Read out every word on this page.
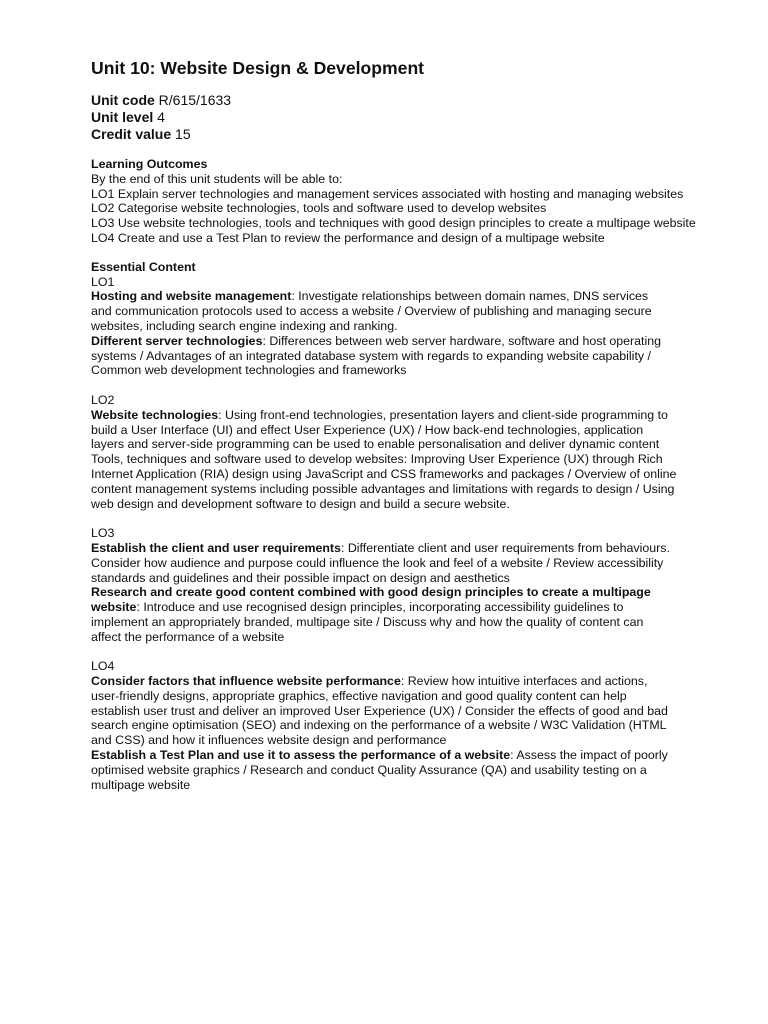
Unit 10: Website Design & Development
Unit code R/615/1633
Unit level 4
Credit value 15
Learning Outcomes
By the end of this unit students will be able to:
LO1 Explain server technologies and management services associated with hosting and managing websites
LO2 Categorise website technologies, tools and software used to develop websites
LO3 Use website technologies, tools and techniques with good design principles to create a multipage website
LO4 Create and use a Test Plan to review the performance and design of a multipage website
Essential Content
LO1
Hosting and website management: Investigate relationships between domain names, DNS services
and communication protocols used to access a website / Overview of publishing and managing secure
websites, including search engine indexing and ranking.
Different server technologies: Differences between web server hardware, software and host operating
systems / Advantages of an integrated database system with regards to expanding website capability /
Common web development technologies and frameworks
LO2
Website technologies: Using front-end technologies, presentation layers and client-side programming to
build a User Interface (UI) and effect User Experience (UX) / How back-end technologies, application
layers and server-side programming can be used to enable personalisation and deliver dynamic content
Tools, techniques and software used to develop websites: Improving User Experience (UX) through Rich
Internet Application (RIA) design using JavaScript and CSS frameworks and packages / Overview of online
content management systems including possible advantages and limitations with regards to design / Using
web design and development software to design and build a secure website.
LO3
Establish the client and user requirements: Differentiate client and user requirements from behaviours.
Consider how audience and purpose could influence the look and feel of a website / Review accessibility
standards and guidelines and their possible impact on design and aesthetics
Research and create good content combined with good design principles to create a multipage
website: Introduce and use recognised design principles, incorporating accessibility guidelines to
implement an appropriately branded, multipage site / Discuss why and how the quality of content can
affect the performance of a website
LO4
Consider factors that influence website performance: Review how intuitive interfaces and actions,
user-friendly designs, appropriate graphics, effective navigation and good quality content can help
establish user trust and deliver an improved User Experience (UX) / Consider the effects of good and bad
search engine optimisation (SEO) and indexing on the performance of a website / W3C Validation (HTML
and CSS) and how it influences website design and performance
Establish a Test Plan and use it to assess the performance of a website: Assess the impact of poorly
optimised website graphics / Research and conduct Quality Assurance (QA) and usability testing on a
multipage website
